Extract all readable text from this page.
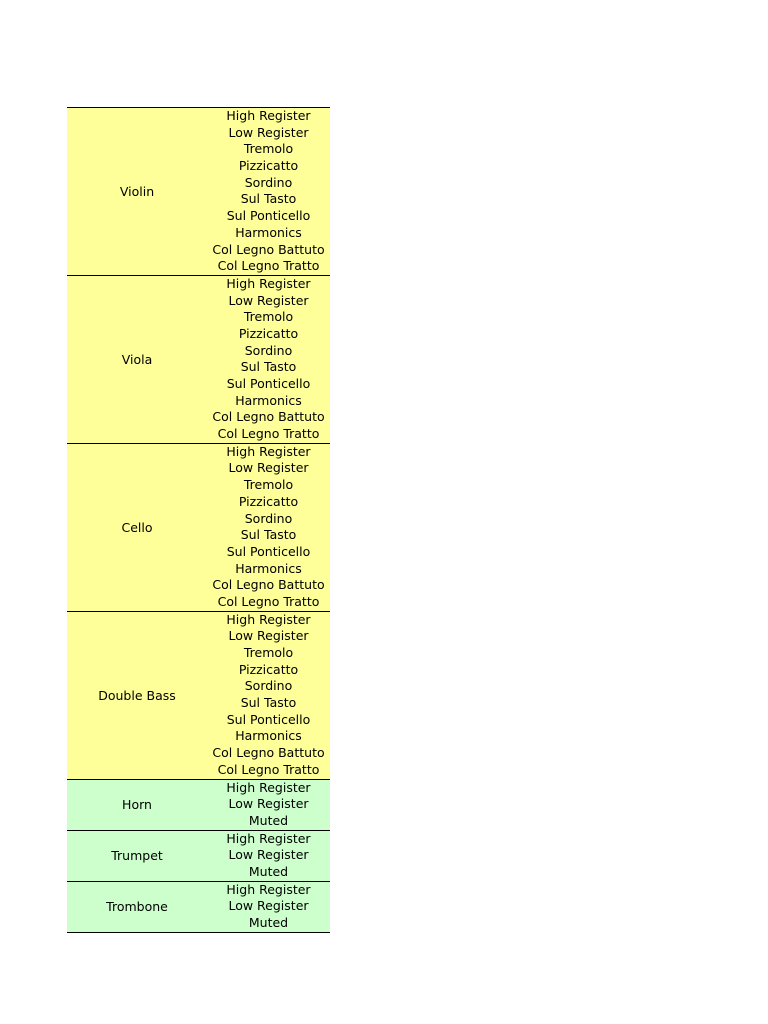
Violin
High Register
Low Register
Tremolo
Pizzicatto
Sordino
Sul Tasto
Sul Ponticello
Harmonics
Col Legno Battuto
Col Legno Tratto
Viola
High Register
Low Register
Tremolo
Pizzicatto
Sordino
Sul Tasto
Sul Ponticello
Harmonics
Col Legno Battuto
Col Legno Tratto
Cello
High Register
Low Register
Tremolo
Pizzicatto
Sordino
Sul Tasto
Sul Ponticello
Harmonics
Col Legno Battuto
Col Legno Tratto
Double Bass
High Register
Low Register
Tremolo
Pizzicatto
Sordino
Sul Tasto
Sul Ponticello
Harmonics
Col Legno Battuto
Col Legno Tratto
Horn
High Register
Low Register
Muted
Trumpet
High Register
Low Register
Muted
Trombone
High Register
Low Register
Muted
